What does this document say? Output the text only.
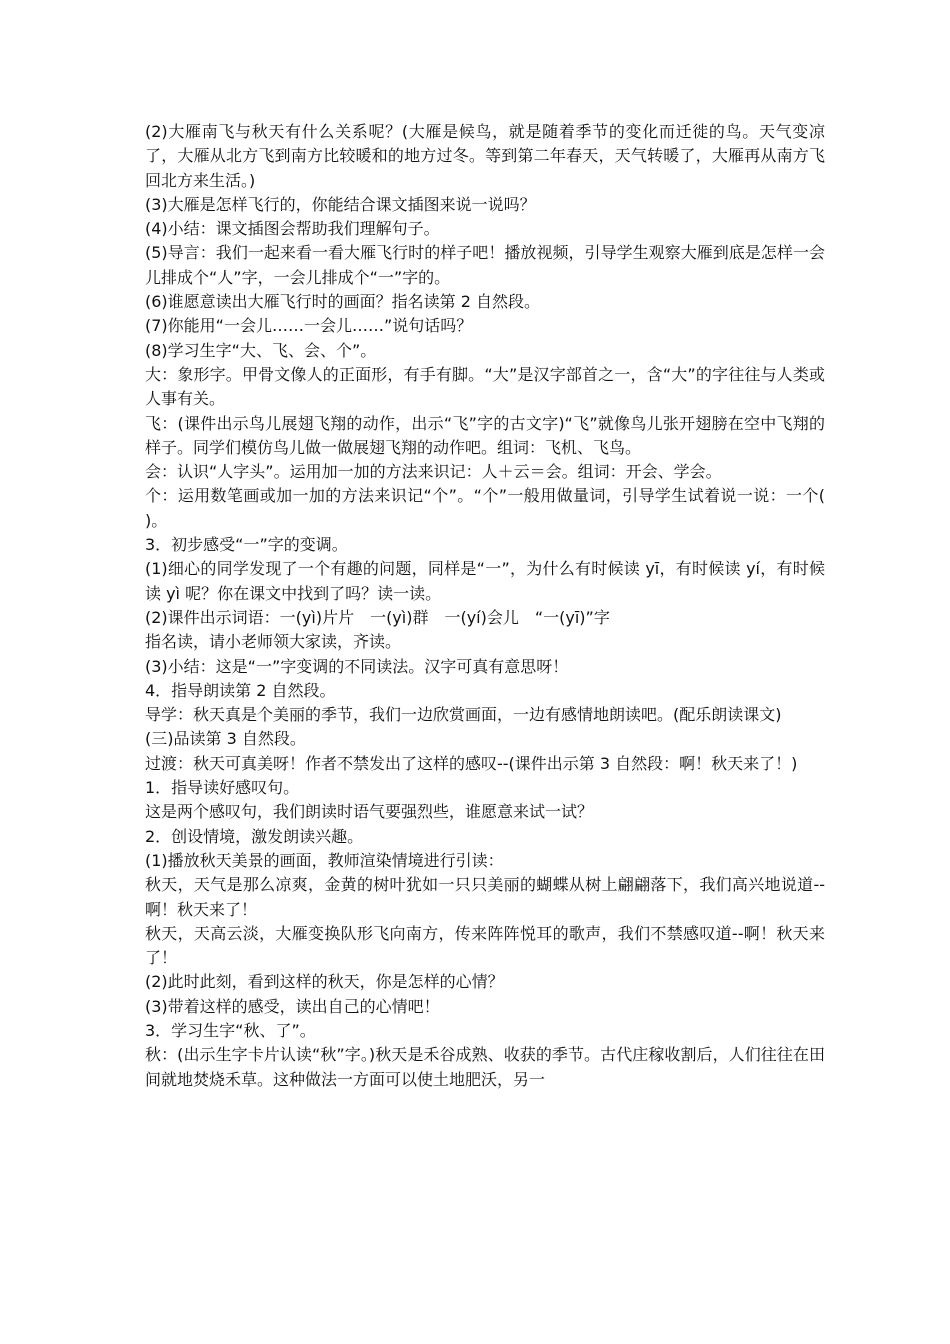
(2)大雁南飞与秋天有什么关系呢？(大雁是候鸟，就是随着季节的变化而迁徙的鸟。天气变凉了，大雁从北方飞到南方比较暖和的地方过冬。等到第二年春天，天气转暖了，大雁再从南方飞回北方来生活。)

(3)大雁是怎样飞行的，你能结合课文插图来说一说吗？

(4)小结：课文插图会帮助我们理解句子。

(5)导言：我们一起来看一看大雁飞行时的样子吧！播放视频，引导学生观察大雁到底是怎样一会儿排成个“人”字，一会儿排成个“一”字的。

(6)谁愿意读出大雁飞行时的画面？指名读第 2 自然段。

(7)你能用“一会儿……一会儿……”说句话吗？

(8)学习生字“大、飞、会、个”。

大：象形字。甲骨文像人的正面形，有手有脚。“大”是汉字部首之一，含“大”的字往往与人类或人事有关。

飞：(课件出示鸟儿展翅飞翔的动作，出示“飞”字的古文字)“飞”就像鸟儿张开翅膀在空中飞翔的样子。同学们模仿鸟儿做一做展翅飞翔的动作吧。组词：飞机、飞鸟。

会：认识“人字头”。运用加一加的方法来识记：人＋云＝会。组词：开会、学会。

个：运用数笔画或加一加的方法来识记“个”。“个”一般用做量词，引导学生试着说一说：一个(　　)。

3．初步感受“一”字的变调。

(1)细心的同学发现了一个有趣的问题，同样是“一”，为什么有时候读 yī，有时候读 yí，有时候读 yì 呢？你在课文中找到了吗？读一读。

(2)课件出示词语：一(yì)片片　一(yì)群　一(yí)会儿　“一(yī)”字

指名读，请小老师领大家读，齐读。

(3)小结：这是“一”字变调的不同读法。汉字可真有意思呀！

4．指导朗读第 2 自然段。

导学：秋天真是个美丽的季节，我们一边欣赏画面，一边有感情地朗读吧。(配乐朗读课文)

(三)品读第 3 自然段。

过渡：秋天可真美呀！作者不禁发出了这样的感叹--(课件出示第 3 自然段：啊！秋天来了！)

1．指导读好感叹句。

这是两个感叹句，我们朗读时语气要强烈些，谁愿意来试一试？

2．创设情境，激发朗读兴趣。

(1)播放秋天美景的画面，教师渲染情境进行引读：

秋天，天气是那么凉爽，金黄的树叶犹如一只只美丽的蝴蝶从树上翩翩落下，我们高兴地说道--啊！秋天来了！

秋天，天高云淡，大雁变换队形飞向南方，传来阵阵悦耳的歌声，我们不禁感叹道--啊！秋天来了！

(2)此时此刻，看到这样的秋天，你是怎样的心情？

(3)带着这样的感受，读出自己的心情吧！

3．学习生字“秋、了”。

秋：(出示生字卡片认读“秋”字。)秋天是禾谷成熟、收获的季节。古代庄稼收割后，人们往往在田间就地焚烧禾草。这种做法一方面可以使土地肥沃，另一
